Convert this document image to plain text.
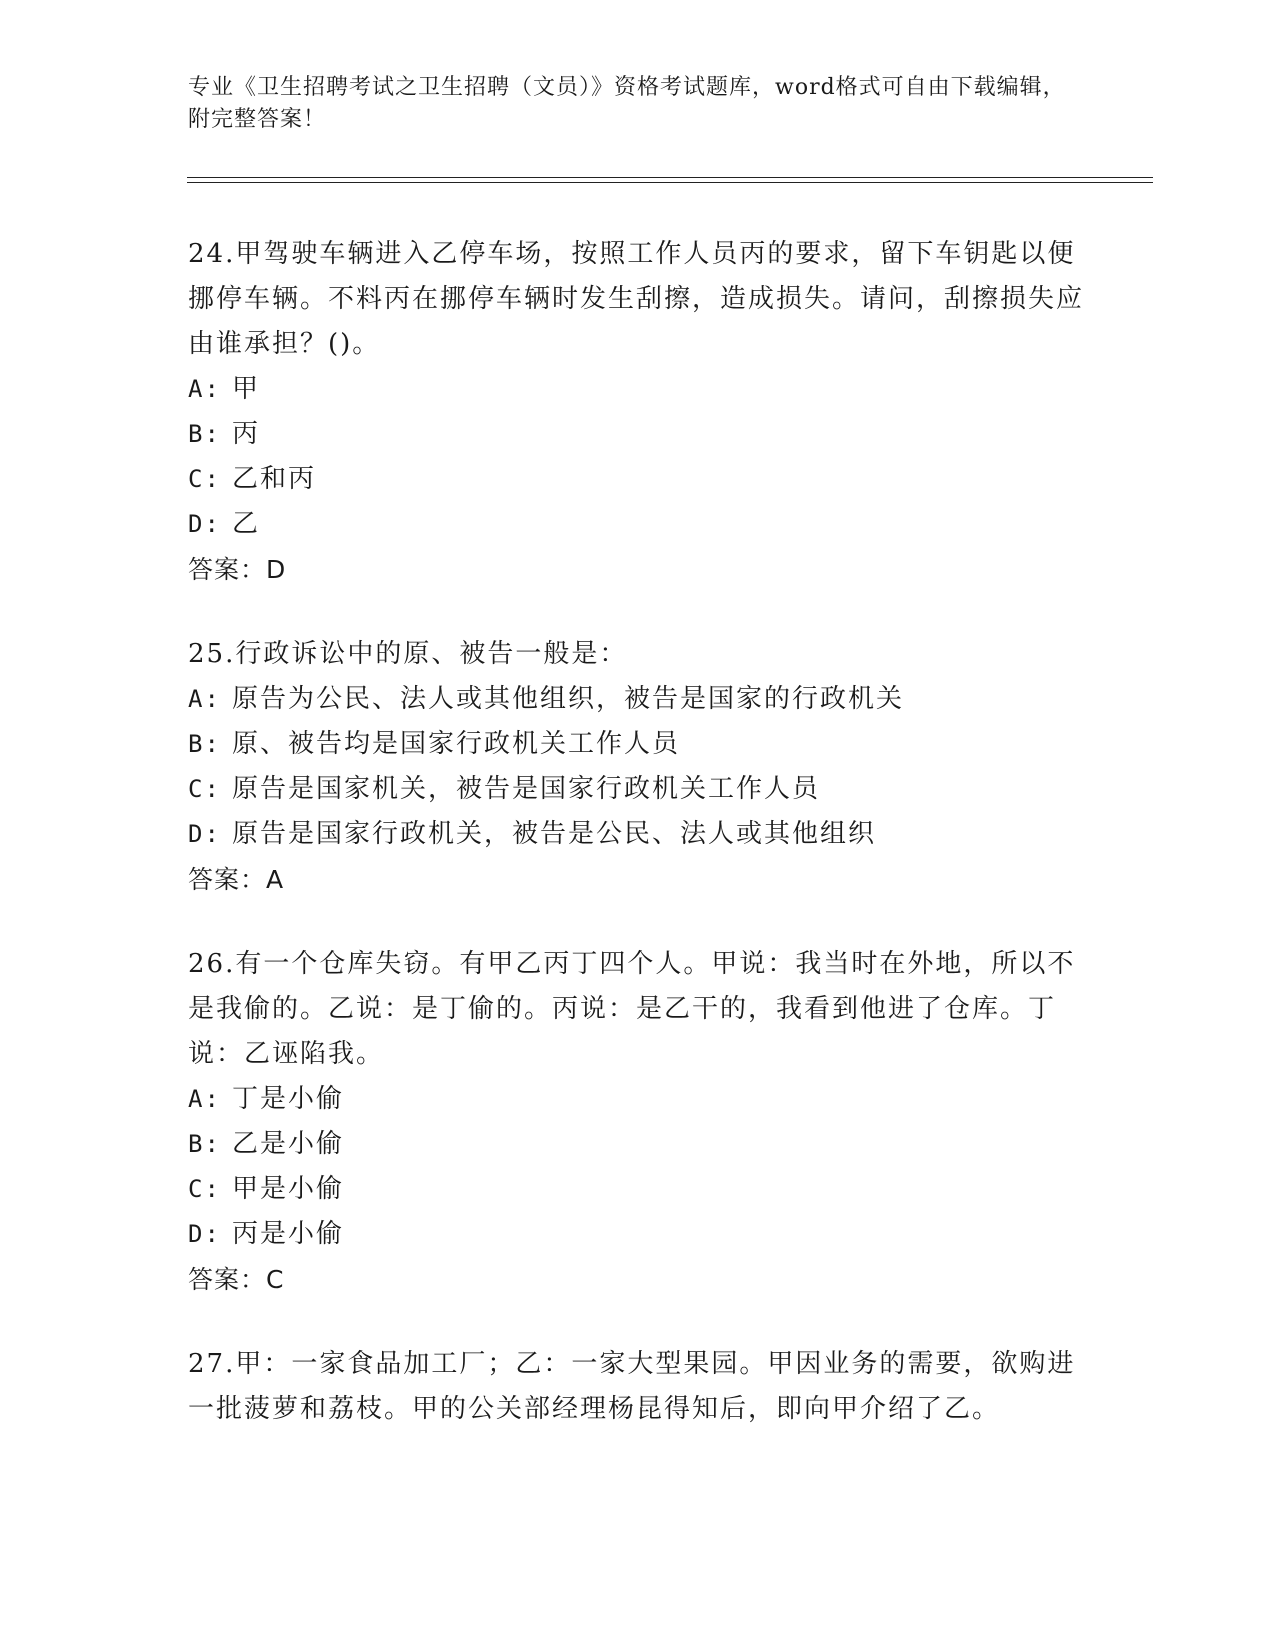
专业《卫生招聘考试之卫生招聘（文员）》资格考试题库，word格式可自由下载编辑，附完整答案！
24.甲驾驶车辆进入乙停车场，按照工作人员丙的要求，留下车钥匙以便挪停车辆。不料丙在挪停车辆时发生刮擦，造成损失。请问，刮擦损失应由谁承担？()。
A: 甲
B: 丙
C: 乙和丙
D: 乙
答案：D
25.行政诉讼中的原、被告一般是：
A: 原告为公民、法人或其他组织，被告是国家的行政机关
B: 原、被告均是国家行政机关工作人员
C: 原告是国家机关，被告是国家行政机关工作人员
D: 原告是国家行政机关，被告是公民、法人或其他组织
答案：A
26.有一个仓库失窃。有甲乙丙丁四个人。甲说：我当时在外地，所以不是我偷的。乙说：是丁偷的。丙说：是乙干的，我看到他进了仓库。丁说：乙诬陷我。
A: 丁是小偷
B: 乙是小偷
C: 甲是小偷
D: 丙是小偷
答案：C
27.甲：一家食品加工厂；乙：一家大型果园。甲因业务的需要，欲购进一批菠萝和荔枝。甲的公关部经理杨昆得知后，即向甲介绍了乙。
